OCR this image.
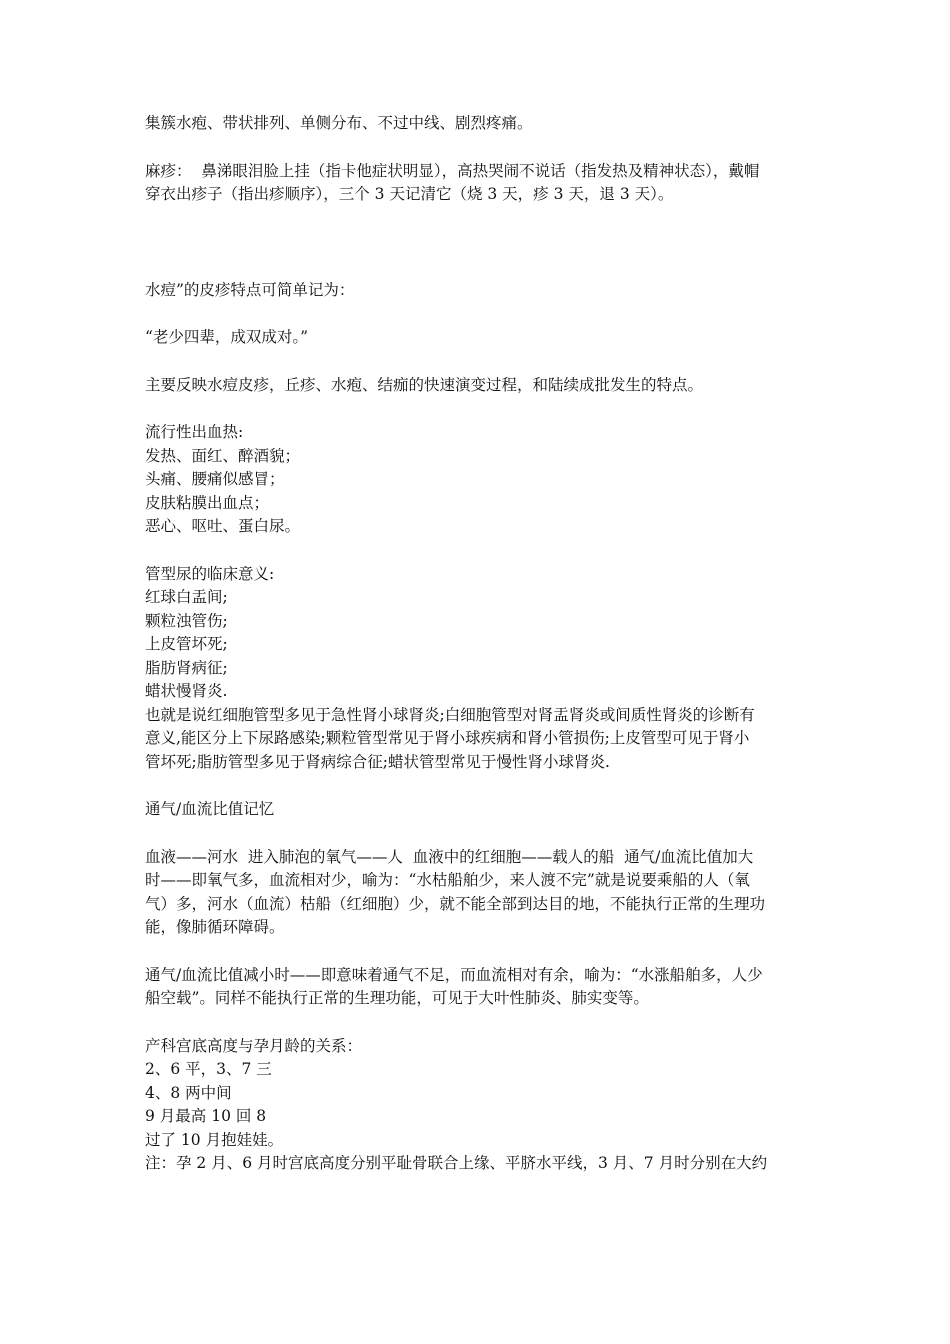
集簇水疱、带状排列、单侧分布、不过中线、剧烈疼痛。

麻疹：  鼻涕眼泪脸上挂（指卡他症状明显），高热哭闹不说话（指发热及精神状态），戴帽

穿衣出疹子（指出疹顺序），三个 3 天记清它（烧 3 天，疹 3 天，退 3 天）。

水痘”的皮疹特点可简单记为：

“老少四辈，成双成对。”

主要反映水痘皮疹，丘疹、水疱、结痂的快速演变过程，和陆续成批发生的特点。

流行性出血热:

发热、面红、醉酒貌；

头痛、腰痛似感冒；

皮肤粘膜出血点；

恶心、呕吐、蛋白尿。

管型尿的临床意义:

红球白盂间;

颗粒浊管伤;

上皮管坏死;

脂肪肾病征;

蜡状慢肾炎.

也就是说红细胞管型多见于急性肾小球肾炎;白细胞管型对肾盂肾炎或间质性肾炎的诊断有

意义,能区分上下尿路感染;颗粒管型常见于肾小球疾病和肾小管损伤;上皮管型可见于肾小

管坏死;脂肪管型多见于肾病综合征;蜡状管型常见于慢性肾小球肾炎.

通气/血流比值记忆

血液——河水  进入肺泡的氧气——人  血液中的红细胞——载人的船  通气/血流比值加大

时——即氧气多，血流相对少，喻为：“水枯船舶少，来人渡不完”就是说要乘船的人（氧

气）多，河水（血流）枯船（红细胞）少，就不能全部到达目的地，不能执行正常的生理功

能，像肺循环障碍。

通气/血流比值减小时——即意味着通气不足，而血流相对有余，喻为：“水涨船舶多，人少

船空载”。同样不能执行正常的生理功能，可见于大叶性肺炎、肺实变等。

产科宫底高度与孕月龄的关系：

2、6 平，3、7 三

4、8 两中间

9 月最高 10 回 8

过了 10 月抱娃娃。

注：孕 2 月、6 月时宫底高度分别平耻骨联合上缘、平脐水平线，3 月、7 月时分别在大约
